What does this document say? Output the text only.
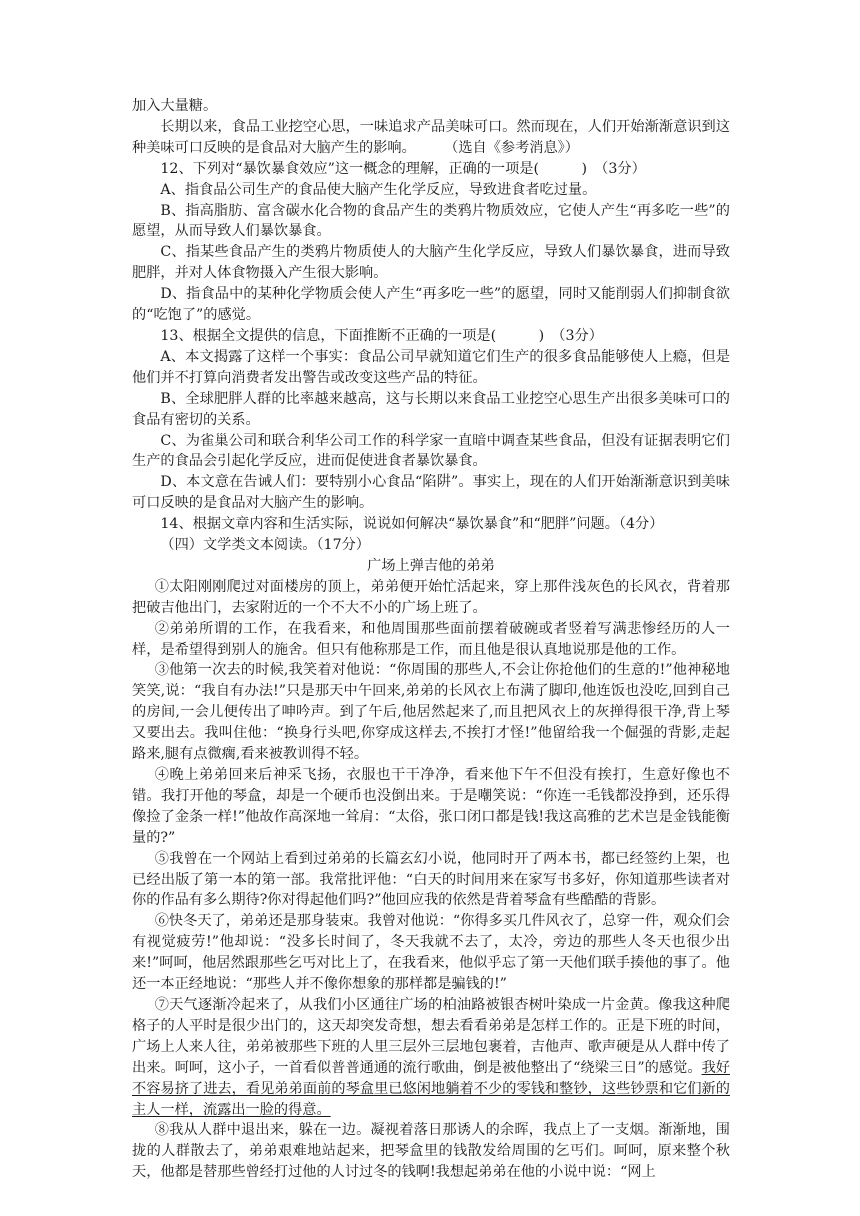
加入大量糖。

长期以来，食品工业挖空心思，一味追求产品美味可口。然而现在，人们开始渐渐意识到这种美味可口反映的是食品对大脑产生的影响。　　　	（选自《参考消息》）

12、下列对“暴饮暴食效应”这一概念的理解，正确的一项是(　　　)　（3分）

A、指食品公司生产的食品使大脑产生化学反应，导致进食者吃过量。

B、指高脂肪、富含碳水化合物的食品产生的类鸦片物质效应，它使人产生“再多吃一些”的愿望，从而导致人们暴饮暴食。

C、指某些食品产生的类鸦片物质使人的大脑产生化学反应，导致人们暴饮暴食，进而导致肥胖，并对人体食物摄入产生很大影响。

D、指食品中的某种化学物质会使人产生“再多吃一些”的愿望，同时又能削弱人们抑制食欲的“吃饱了”的感觉。

13、根据全文提供的信息，下面推断不正确的一项是(　　　)　（3分）

A、本文揭露了这样一个事实：食品公司早就知道它们生产的很多食品能够使人上瘾，但是他们并不打算向消费者发出警告或改变这些产品的特征。

B、全球肥胖人群的比率越来越高，这与长期以来食品工业挖空心思生产出很多美味可口的食品有密切的关系。

C、为雀巢公司和联合利华公司工作的科学家一直暗中调查某些食品，但没有证据表明它们生产的食品会引起化学反应，进而促使进食者暴饮暴食。

D、本文意在告诫人们：要特别小心食品“陷阱”。事实上，现在的人们开始渐渐意识到美味可口反映的是食品对大脑产生的影响。

14、根据文章内容和生活实际，说说如何解决“暴饮暴食”和“肥胖”问题。（4分）

（四）文学类文本阅读。（17分）

广场上弹吉他的弟弟

①太阳刚刚爬过对面楼房的顶上，弟弟便开始忙活起来，穿上那件浅灰色的长风衣，背着那把破吉他出门，去家附近的一个不大不小的广场上班了。

②弟弟所谓的工作，在我看来，和他周围那些面前摆着破碗或者竖着写满悲惨经历的人一样，是希望得到别人的施舍。但只有他称那是工作，而且他是很认真地说那是他的工作。

③他第一次去的时候,我笑着对他说：“你周围的那些人,不会让你抢他们的生意的!”他神秘地笑笑,说：“我自有办法!”只是那天中午回来,弟弟的长风衣上布满了脚印,他连饭也没吃,回到自己的房间,一会儿便传出了呻吟声。到了午后,他居然起来了,而且把风衣上的灰掸得很干净,背上琴又要出去。我叫住他：“换身行头吧,你穿成这样去,不挨打才怪!”他留给我一个倔强的背影,走起路来,腿有点微瘸,看来被教训得不轻。

④晚上弟弟回来后神采飞扬，衣服也干干净净，看来他下午不但没有挨打，生意好像也不错。我打开他的琴盒，却是一个硬币也没倒出来。于是嘲笑说：“你连一毛钱都没挣到，还乐得像捡了金条一样!”他故作高深地一耸肩：“太俗，张口闭口都是钱!我这高雅的艺术岂是金钱能衡量的?”

⑤我曾在一个网站上看到过弟弟的长篇玄幻小说，他同时开了两本书，都已经签约上架，也已经出版了第一本的第一部。我常批评他：“白天的时间用来在家写书多好，你知道那些读者对你的作品有多么期待?你对得起他们吗?”他回应我的依然是背着琴盒有些酷酷的背影。

⑥快冬天了，弟弟还是那身装束。我曾对他说：“你得多买几件风衣了，总穿一件，观众们会有视觉疲劳!”他却说：“没多长时间了，冬天我就不去了，太冷，旁边的那些人冬天也很少出来!”呵呵，他居然跟那些乞丐对比上了，在我看来，他似乎忘了第一天他们联手揍他的事了。他还一本正经地说：“那些人并不像你想象的那样都是骗钱的!”

⑦天气逐渐冷起来了，从我们小区通往广场的柏油路被银杏树叶染成一片金黄。像我这种爬格子的人平时是很少出门的，这天却突发奇想，想去看看弟弟是怎样工作的。正是下班的时间，广场上人来人往，弟弟被那些下班的人里三层外三层地包裹着，吉他声、歌声硬是从人群中传了出来。呵呵，这小子，一首看似普普通通的流行歌曲，倒是被他整出了“绕梁三日”的感觉。我好不容易挤了进去，看见弟弟面前的琴盒里已悠闲地躺着不少的零钱和整钞，这些钞票和它们新的主人一样，流露出一脸的得意。

⑧我从人群中退出来，躲在一边。凝视着落日那诱人的余晖，我点上了一支烟。渐渐地，围拢的人群散去了，弟弟艰难地站起来，把琴盒里的钱散发给周围的乞丐们。呵呵，原来整个秋天，他都是替那些曾经打过他的人讨过冬的钱啊!我想起弟弟在他的小说中说：“网上
